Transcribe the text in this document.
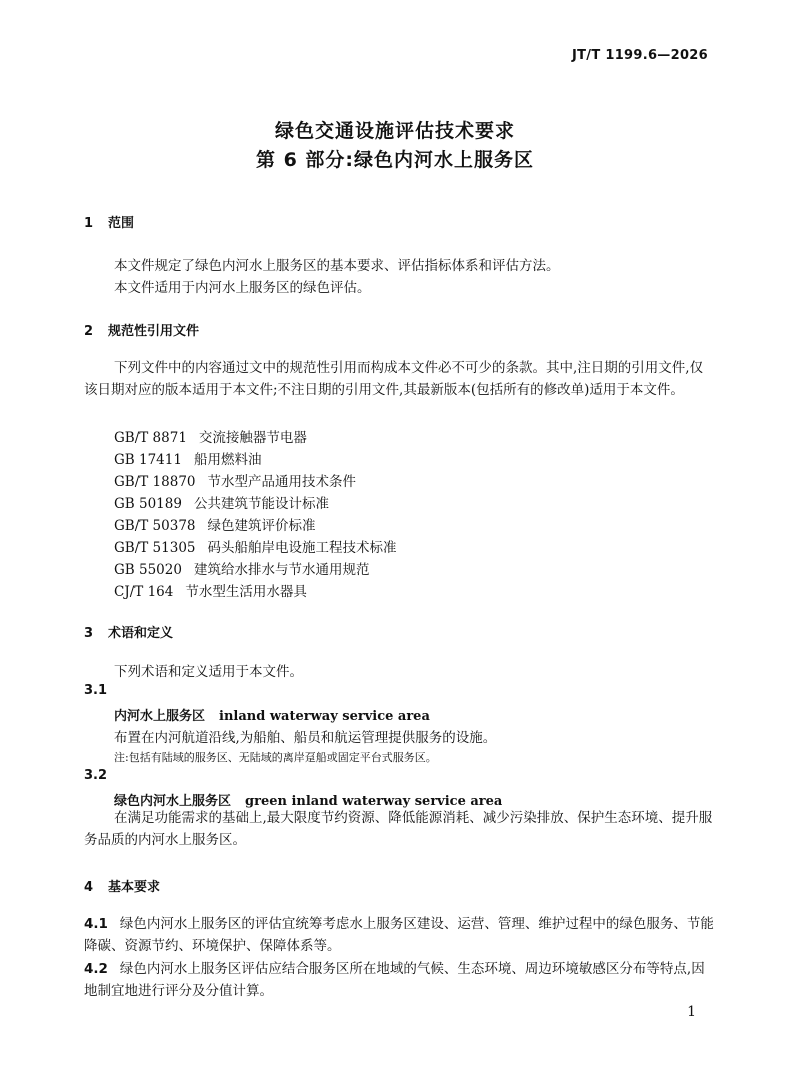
JT/T 1199.6—2026
绿色交通设施评估技术要求
第 6 部分:绿色内河水上服务区
1 范围
本文件规定了绿色内河水上服务区的基本要求、评估指标体系和评估方法。
本文件适用于内河水上服务区的绿色评估。
2 规范性引用文件
下列文件中的内容通过文中的规范性引用而构成本文件必不可少的条款。其中,注日期的引用文件,仅该日期对应的版本适用于本文件;不注日期的引用文件,其最新版本(包括所有的修改单)适用于本文件。
GB/T 8871 交流接触器节电器
GB 17411 船用燃料油
GB/T 18870 节水型产品通用技术条件
GB 50189 公共建筑节能设计标准
GB/T 50378 绿色建筑评价标准
GB/T 51305 码头船舶岸电设施工程技术标准
GB 55020 建筑给水排水与节水通用规范
CJ/T 164 节水型生活用水器具
3 术语和定义
下列术语和定义适用于本文件。
3.1
内河水上服务区 inland waterway service area
布置在内河航道沿线,为船舶、船员和航运管理提供服务的设施。
注:包括有陆域的服务区、无陆域的离岸趸船或固定平台式服务区。
3.2
绿色内河水上服务区 green inland waterway service area
在满足功能需求的基础上,最大限度节约资源、降低能源消耗、减少污染排放、保护生态环境、提升服务品质的内河水上服务区。
4 基本要求
4.1 绿色内河水上服务区的评估宜统筹考虑水上服务区建设、运营、管理、维护过程中的绿色服务、节能降碳、资源节约、环境保护、保障体系等。
4.2 绿色内河水上服务区评估应结合服务区所在地域的气候、生态环境、周边环境敏感区分布等特点,因地制宜地进行评分及分值计算。
1
